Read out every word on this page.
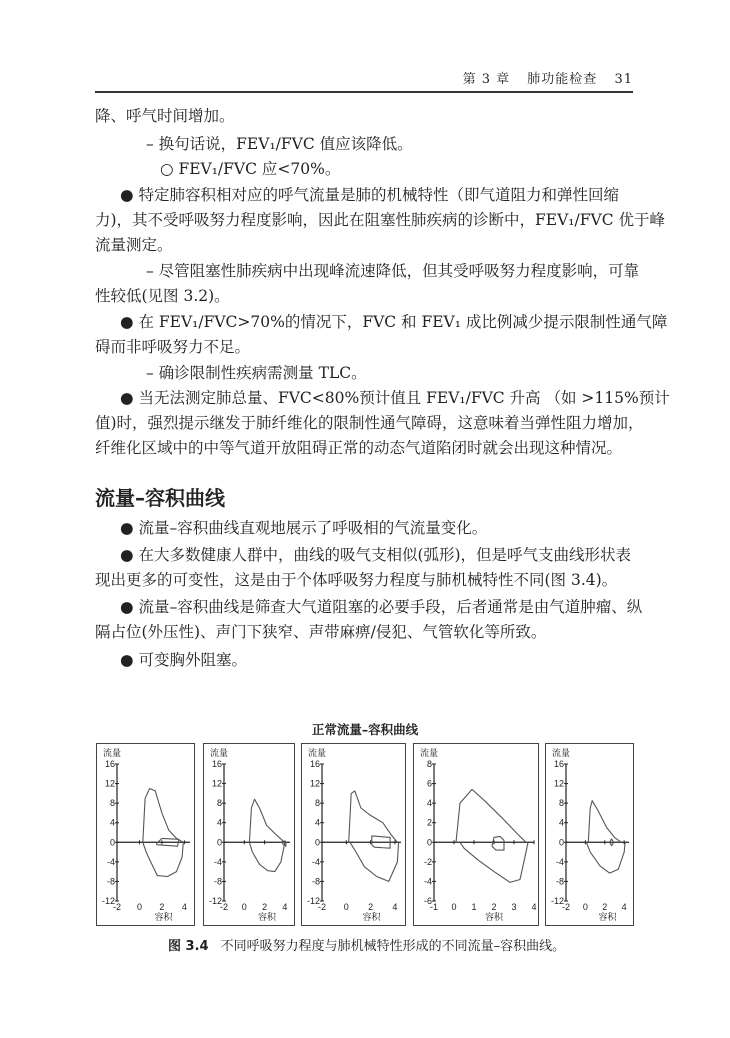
第 3 章 肺功能检查 31
降、呼气时间增加。
– 换句话说，FEV₁/FVC 值应该降低。
○ FEV₁/FVC 应<70%。
● 特定肺容积相对应的呼气流量是肺的机械特性（即气道阻力和弹性回缩
力)，其不受呼吸努力程度影响，因此在阻塞性肺疾病的诊断中，FEV₁/FVC 优于峰
流量测定。
– 尽管阻塞性肺疾病中出现峰流速降低，但其受呼吸努力程度影响，可靠
性较低(见图 3.2)。
● 在 FEV₁/FVC>70%的情况下，FVC 和 FEV₁ 成比例减少提示限制性通气障
碍而非呼吸努力不足。
– 确诊限制性疾病需测量 TLC。
● 当无法测定肺总量、FVC<80%预计值且 FEV₁/FVC 升高 （如 >115%预计
值)时，强烈提示继发于肺纤维化的限制性通气障碍，这意味着当弹性阻力增加，
纤维化区域中的中等气道开放阻碍正常的动态气道陷闭时就会出现这种情况。
流量–容积曲线
● 流量–容积曲线直观地展示了呼吸相的气流量变化。
● 在大多数健康人群中，曲线的吸气支相似(弧形)，但是呼气支曲线形状表
现出更多的可变性，这是由于个体呼吸努力程度与肺机械特性不同(图 3.4)。
● 流量–容积曲线是筛查大气道阻塞的必要手段，后者通常是由气道肿瘤、纵
隔占位(外压性)、声门下狭窄、声带麻痹/侵犯、气管软化等所致。
● 可变胸外阻塞。
正常流量–容积曲线
16
12
8
4
0
-4
-8
-12
-2 0 2 4
流量
容积
16
12
8
4
0
-4
-8
-12
-2 0 2 4
流量
容积
16
12
8
4
0
-4
-8
-12
-2 0 2 4
流量
容积
8
6
4
2
0
-2
-4
-6
-1 0 1 2 3 4
流量
容积
16
12
8
4
0
-4
-8
-12
-2 0 2 4
流量
容积
图 3.4 不同呼吸努力程度与肺机械特性形成的不同流量–容积曲线。
